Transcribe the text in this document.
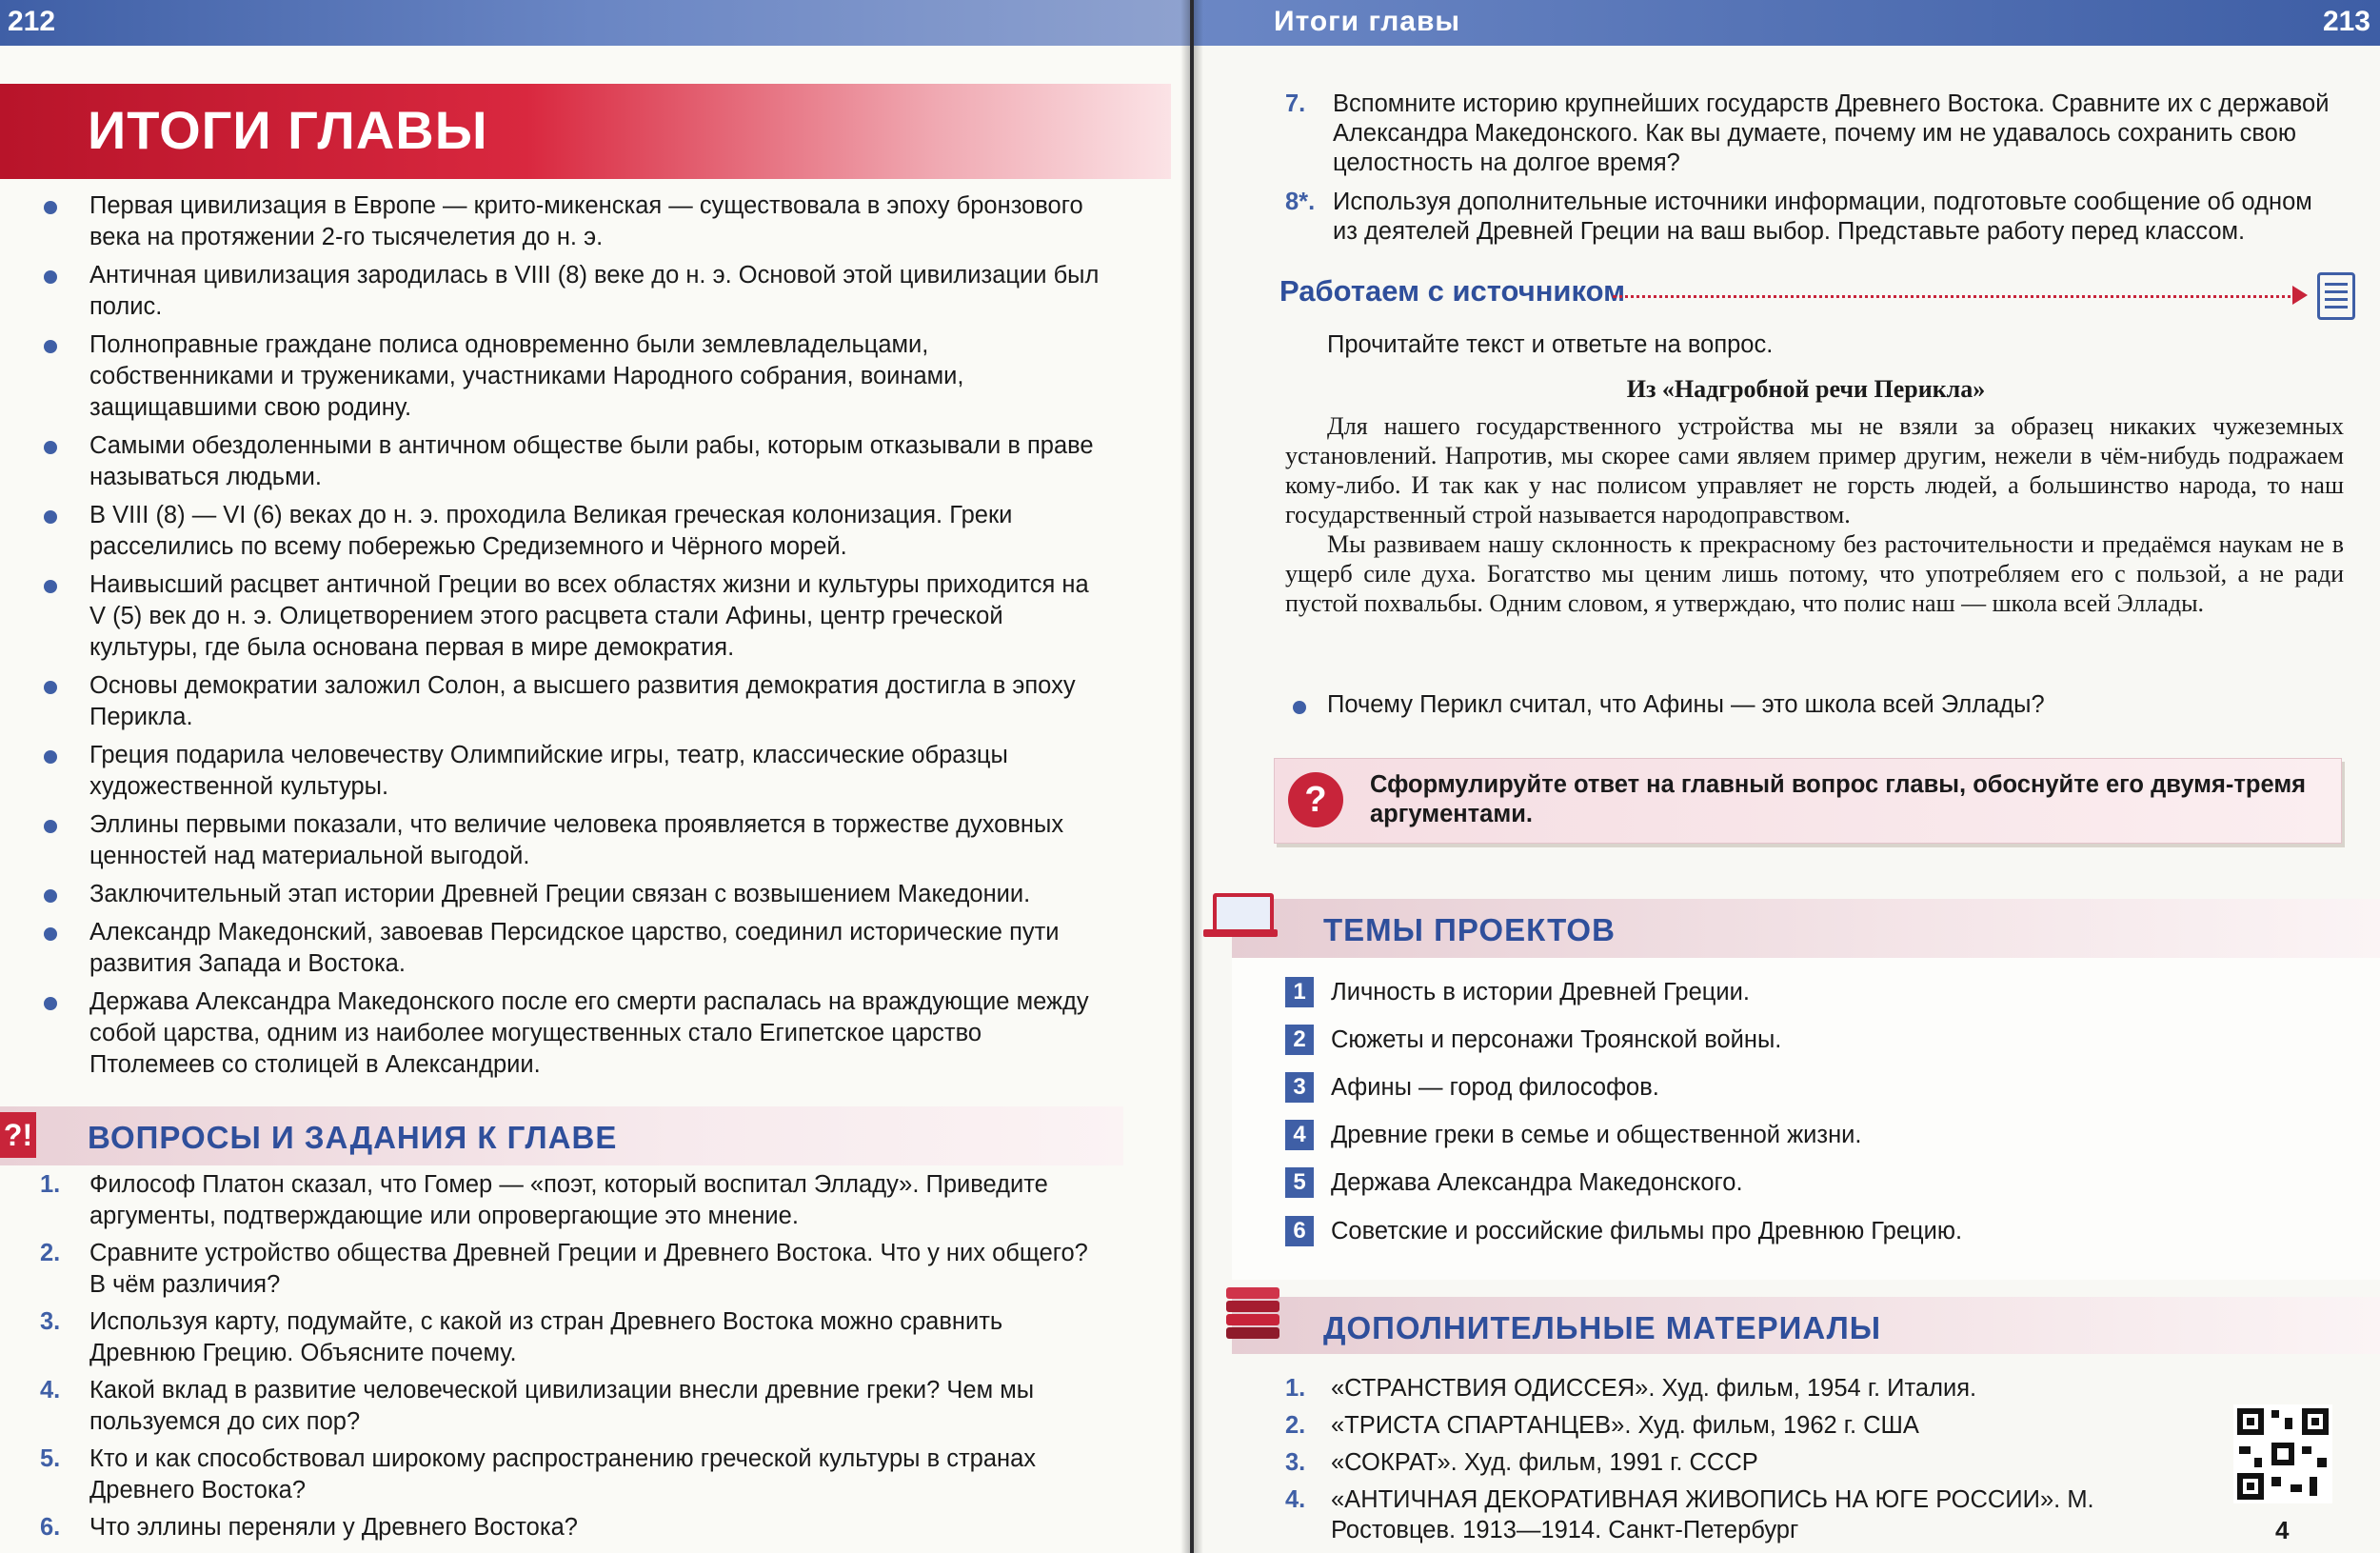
212
ИТОГИ ГЛАВЫ
Первая цивилизация в Европе — крито-микенская — существовала в эпоху бронзового века на протяжении 2-го тысячелетия до н. э.
Античная цивилизация зародилась в VIII (8) веке до н. э. Основой этой цивилизации был полис.
Полноправные граждане полиса одновременно были землевладельцами, собственниками и тружениками, участниками Народного собрания, воинами, защищавшими свою родину.
Самыми обездоленными в античном обществе были рабы, которым отказывали в праве называться людьми.
В VIII (8) — VI (6) веках до н. э. проходила Великая греческая колонизация. Греки расселились по всему побережью Средиземного и Чёрного морей.
Наивысший расцвет античной Греции во всех областях жизни и культуры приходится на V (5) век до н. э. Олицетворением этого расцвета стали Афины, центр греческой культуры, где была основана первая в мире демократия.
Основы демократии заложил Солон, а высшего развития демократия достигла в эпоху Перикла.
Греция подарила человечеству Олимпийские игры, театр, классические образцы художественной культуры.
Эллины первыми показали, что величие человека проявляется в торжестве духовных ценностей над материальной выгодой.
Заключительный этап истории Древней Греции связан с возвышением Македонии.
Александр Македонский, завоевав Персидское царство, соединил исторические пути развития Запада и Востока.
Держава Александра Македонского после его смерти распалась на враждующие между собой царства, одним из наиболее могущественных стало Египетское царство Птолемеев со столицей в Александрии.
?! ВОПРОСЫ И ЗАДАНИЯ К ГЛАВЕ
1. Философ Платон сказал, что Гомер — «поэт, который воспитал Элладу». Приведите аргументы, подтверждающие или опровергающие это мнение.
2. Сравните устройство общества Древней Греции и Древнего Востока. Что у них общего? В чём различия?
3. Используя карту, подумайте, с какой из стран Древнего Востока можно сравнить Древнюю Грецию. Объясните почему.
4. Какой вклад в развитие человеческой цивилизации внесли древние греки? Чем мы пользуемся до сих пор?
5. Кто и как способствовал широкому распространению греческой культуры в странах Древнего Востока?
6. Что эллины переняли у Древнего Востока?
Итоги главы	213
7. Вспомните историю крупнейших государств Древнего Востока. Сравните их с державой Александра Македонского. Как вы думаете, почему им не удавалось сохранить свою целостность на долгое время?
8*. Используя дополнительные источники информации, подготовьте сообщение об одном из деятелей Древней Греции на ваш выбор. Представьте работу перед классом.
Работаем с источником
Прочитайте текст и ответьте на вопрос.
Из «Надгробной речи Перикла»

Для нашего государственного устройства мы не взяли за образец никаких чужеземных установлений. Напротив, мы скорее сами являем пример другим, нежели в чём-нибудь подражаем кому-либо. И так как у нас полисом управляет не горсть людей, а большинство народа, то наш государственный строй называется народоправством.

Мы развиваем нашу склонность к прекрасному без расточительности и предаёмся наукам не в ущерб силе духа. Богатство мы ценим лишь потому, что употребляем его с пользой, а не ради пустой похвальбы. Одним словом, я утверждаю, что полис наш — школа всей Эллады.

Почему Перикл считал, что Афины — это школа всей Эллады?
?	Сформулируйте ответ на главный вопрос главы, обоснуйте его двумя-тремя аргументами.
ТЕМЫ ПРОЕКТОВ
1	Личность в истории Древней Греции.
2	Сюжеты и персонажи Троянской войны.
3	Афины — город философов.
4	Древние греки в семье и общественной жизни.
5	Держава Александра Македонского.
6	Советские и российские фильмы про Древнюю Грецию.
ДОПОЛНИТЕЛЬНЫЕ МАТЕРИАЛЫ
1.	«СТРАНСТВИЯ ОДИССЕЯ». Худ. фильм, 1954 г. Италия.
2.	«ТРИСТА СПАРТАНЦЕВ». Худ. фильм, 1962 г. США
3.	«СОКРАТ». Худ. фильм, 1991 г. СССР
4.	«АНТИЧНАЯ ДЕКОРАТИВНАЯ ЖИВОПИСЬ НА ЮГЕ РОССИИ». М. Ростовцев. 1913—1914. Санкт-Петербург	4
